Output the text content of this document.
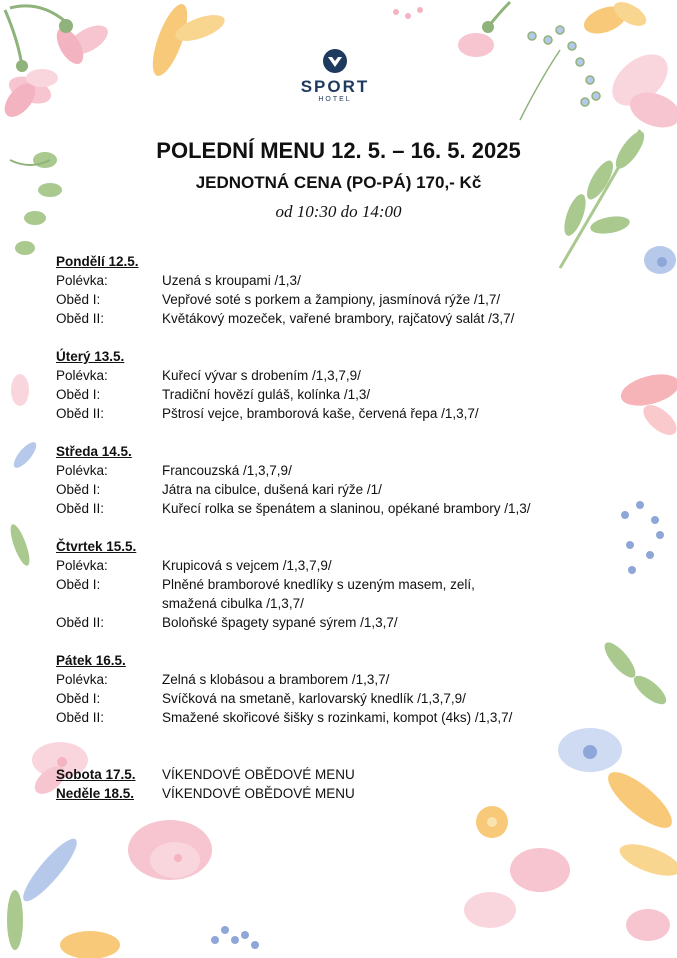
SPORT
HOTEL
POLEDNÍ MENU 12. 5. – 16. 5. 2025
JEDNOTNÁ CENA (PO-PÁ) 170,- Kč
od 10:30 do 14:00
Pondělí 12.5.
Polévka:	Uzená s kroupami /1,3/
Oběd I:	Vepřové soté s porkem a žampiony, jasmínová rýže /1,7/
Oběd II:	Květákový mozeček, vařené brambory, rajčatový salát /3,7/
Úterý 13.5.
Polévka:	Kuřecí vývar s drobením /1,3,7,9/
Oběd I:	Tradiční hovězí guláš, kolínka /1,3/
Oběd II:	Pštrosí vejce, bramborová kaše, červená řepa /1,3,7/
Středa 14.5.
Polévka:	Francouzská /1,3,7,9/
Oběd I:	Játra na cibulce, dušená kari rýže /1/
Oběd II:	Kuřecí rolka se špenátem a slaninou, opékané brambory /1,3/
Čtvrtek 15.5.
Polévka:	Krupicová s vejcem /1,3,7,9/
Oběd I:	Plněné bramborové knedlíky s uzeným masem, zelí,
smažená cibulka /1,3,7/
Oběd II:	Boloňské špagety sypané sýrem /1,3,7/
Pátek 16.5.
Polévka:	Zelná s klobásou a bramborem /1,3,7/
Oběd I:	Svíčková na smetaně, karlovarský knedlík /1,3,7,9/
Oběd II:	Smažené skořicové šišky s rozinkami, kompot (4ks) /1,3,7/
Sobota 17.5.	VÍKENDOVÉ OBĚDOVÉ MENU
Neděle 18.5.	VÍKENDOVÉ OBĚDOVÉ MENU
